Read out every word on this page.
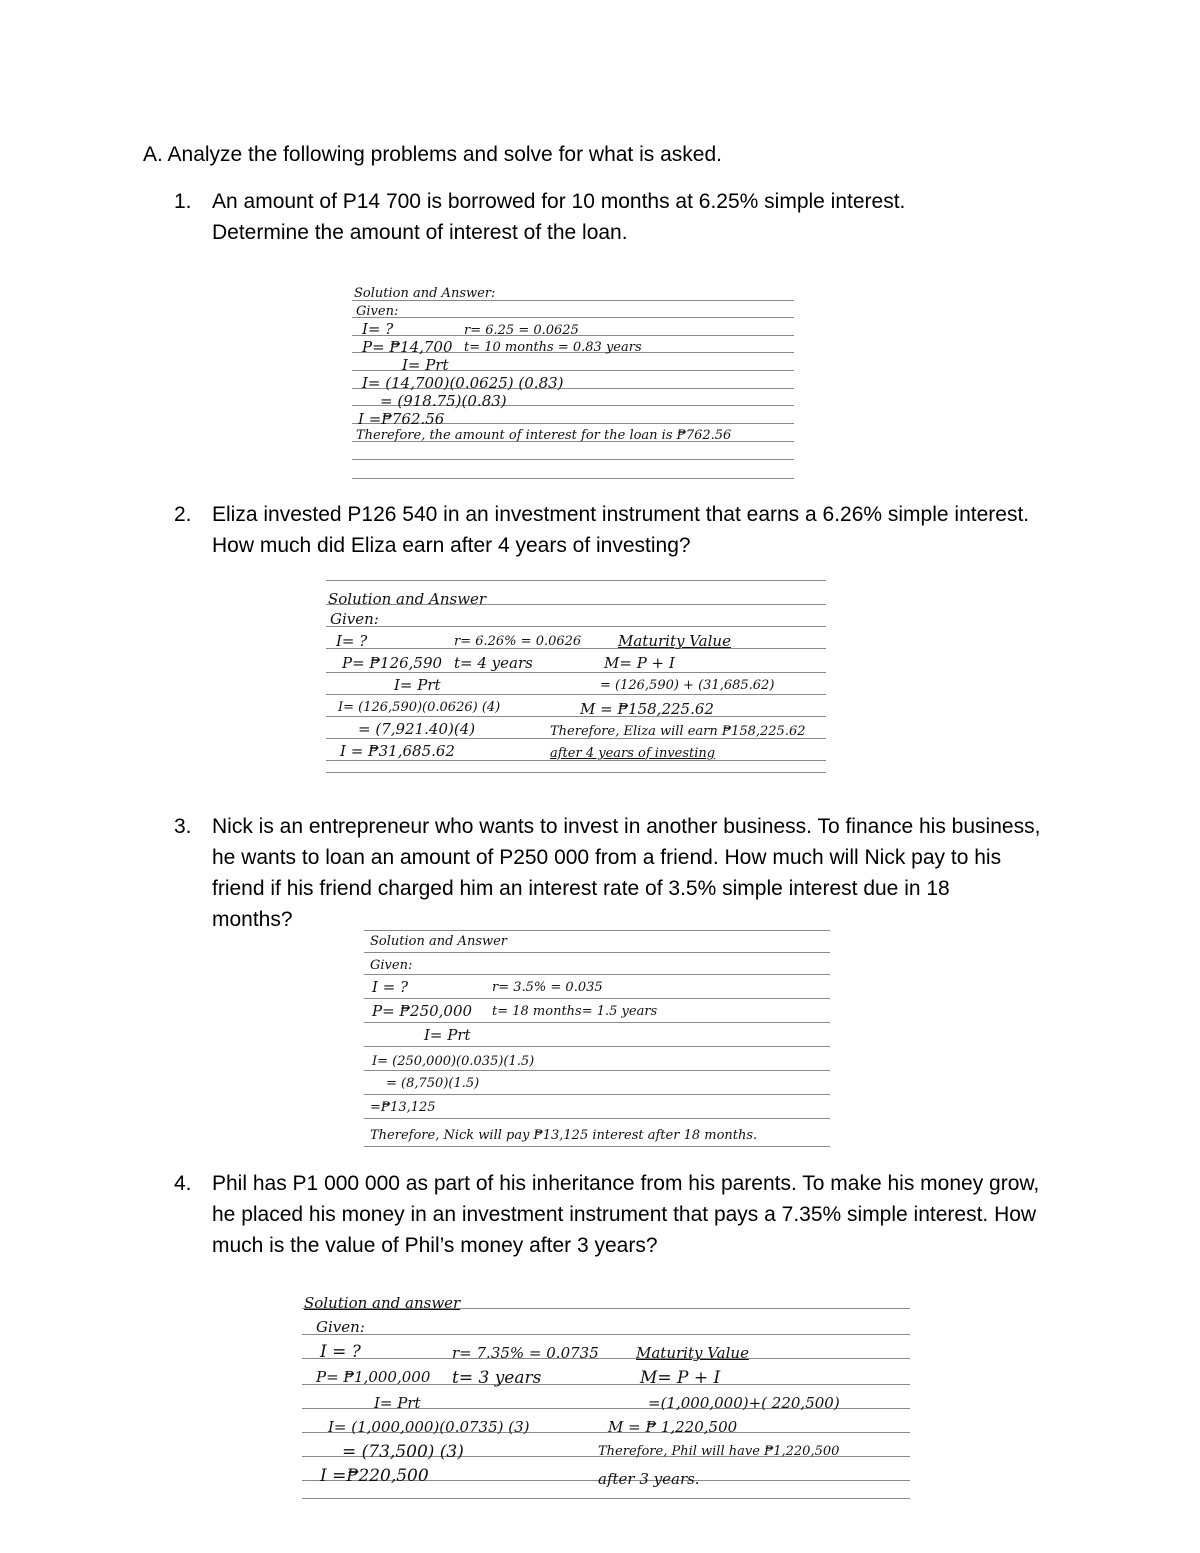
A. Analyze the following problems and solve for what is asked.
1. An amount of P14 700 is borrowed for 10 months at 6.25% simple interest.
Determine the amount of interest of the loan.
Solution and Answer:
Given:
I= ?	r= 6.25 = 0.0625
P= ₱14,700 t= 10 months = 0.83 years
I= Prt
I= (14,700)(0.0625) (0.83)
= (918.75)(0.83)
I =₱762.56
Therefore, the amount of interest for the loan is ₱762.56
2. Eliza invested P126 540 in an investment instrument that earns a 6.26% simple interest.
How much did Eliza earn after 4 years of investing?
Solution and Answer
Given:
I= ?	r= 6.26% = 0.0626
P= ₱126,590 t= 4 years
I= Prt
I= (126,590)(0.0626) (4)
= (7,921.40)(4)
I = ₱31,685.62
Maturity Value
M= P + I
= (126,590) + (31,685.62)
M = ₱158,225.62
Therefore, Eliza will earn ₱158,225.62
after 4 years of investing
3. Nick is an entrepreneur who wants to invest in another business. To finance his business,
he wants to loan an amount of P250 000 from a friend. How much will Nick pay to his
friend if his friend charged him an interest rate of 3.5% simple interest due in 18
months?
Solution and Answer
Given:
I = ?	r= 3.5% = 0.035
P= ₱250,000 t= 18 months= 1.5 years
I= Prt
I= (250,000)(0.035)(1.5)
= (8,750)(1.5)
=₱13,125
Therefore, Nick will pay ₱13,125 interest after 18 months.
4. Phil has P1 000 000 as part of his inheritance from his parents. To make his money grow,
he placed his money in an investment instrument that pays a 7.35% simple interest. How
much is the value of Phil’s money after 3 years?
Solution and answer
Given:
I = ?	r= 7.35% = 0.0735
P= ₱1,000,000 t= 3 years
I= Prt
I= (1,000,000)(0.0735) (3)
= (73,500) (3)
I =₱220,500
Maturity Value
M= P + I
=(1,000,000)+( 220,500)
M = ₱ 1,220,500
Therefore, Phil will have ₱1,220,500
after 3 years.
